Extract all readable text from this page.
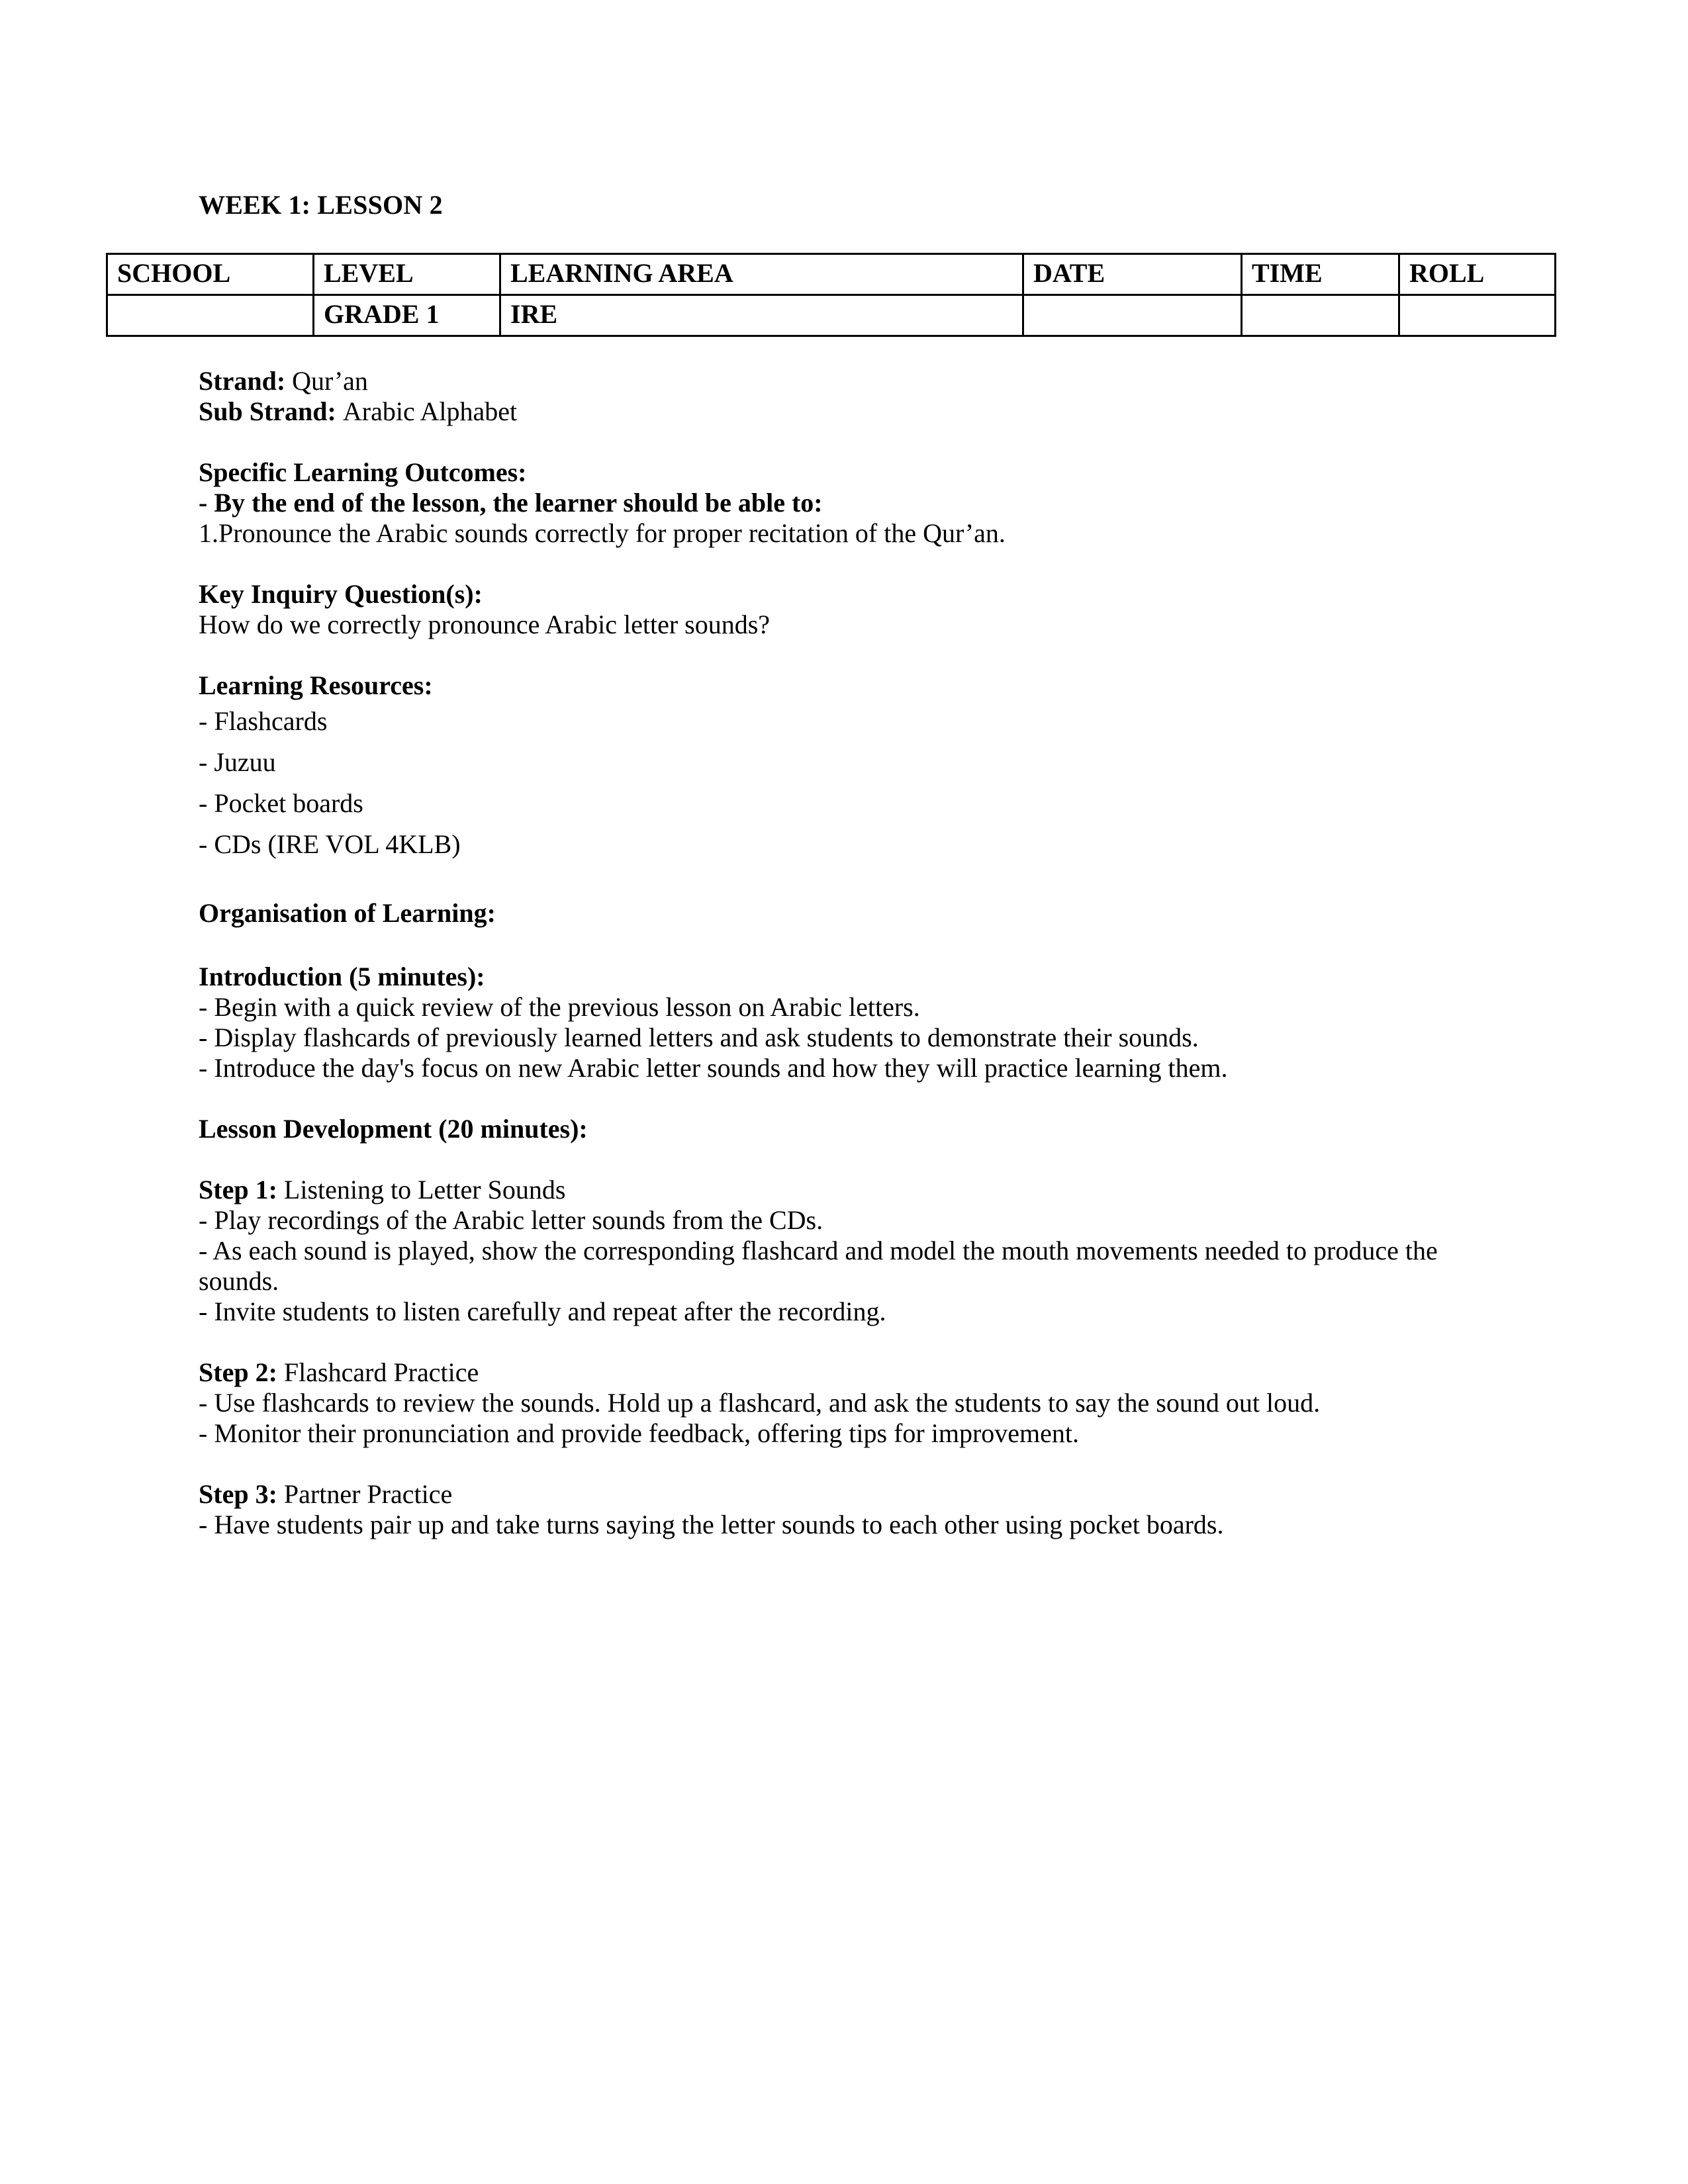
WEEK 1: LESSON 2
SCHOOL	LEVEL	LEARNING AREA	DATE	TIME	ROLL
	GRADE 1	IRE			

Strand: Qur’an

Sub Strand: Arabic Alphabet

Specific Learning Outcomes:

- By the end of the lesson, the learner should be able to:

1.Pronounce the Arabic sounds correctly for proper recitation of the Qur’an.

Key Inquiry Question(s):

How do we correctly pronounce Arabic letter sounds?

Learning Resources:

- Flashcards

- Juzuu

- Pocket boards

- CDs (IRE VOL 4KLB)

Organisation of Learning:

Introduction (5 minutes):

- Begin with a quick review of the previous lesson on Arabic letters.

- Display flashcards of previously learned letters and ask students to demonstrate their sounds.

- Introduce the day's focus on new Arabic letter sounds and how they will practice learning them.

Lesson Development (20 minutes):

Step 1: Listening to Letter Sounds

- Play recordings of the Arabic letter sounds from the CDs.

- As each sound is played, show the corresponding flashcard and model the mouth movements needed to produce the sounds.

- Invite students to listen carefully and repeat after the recording.

Step 2: Flashcard Practice

- Use flashcards to review the sounds. Hold up a flashcard, and ask the students to say the sound out loud.

- Monitor their pronunciation and provide feedback, offering tips for improvement.

Step 3: Partner Practice

- Have students pair up and take turns saying the letter sounds to each other using pocket boards.
